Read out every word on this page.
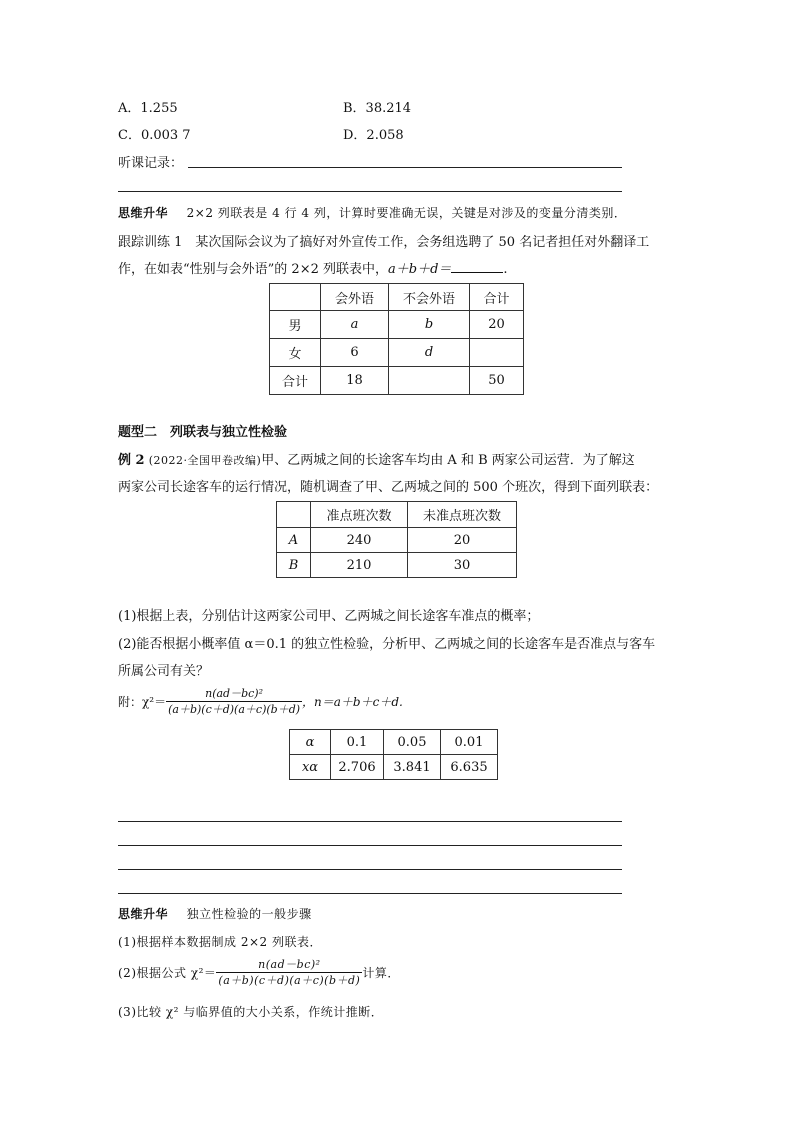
A．1.255	B．38.214
C．0.003 7	D．2.058
听课记录：
思维升华 2×2 列联表是 4 行 4 列，计算时要准确无误，关键是对涉及的变量分清类别．
跟踪训练 1　某次国际会议为了搞好对外宣传工作，会务组选聘了 50 名记者担任对外翻译工
作，在如表“性别与会外语”的 2×2 列联表中，a＋b＋d＝	.
	会外语	不会外语	合计
男	a	b	20
女	6	d	
合计	18		50
题型二　列联表与独立性检验
例 2 (2022·全国甲卷改编)甲、乙两城之间的长途客车均由 A 和 B 两家公司运营．为了解这
两家公司长途客车的运行情况，随机调查了甲、乙两城之间的 500 个班次，得到下面列联表：
	准点班次数	未准点班次数
A	240	20
B	210	30
(1)根据上表，分别估计这两家公司甲、乙两城之间长途客车准点的概率；
(2)能否根据小概率值 α＝0.1 的独立性检验，分析甲、乙两城之间的长途客车是否准点与客车
所属公司有关？
附：$\chi^2= \frac{\text{n(ad－bc)²}}{(a+b)(c+d)(a+c)(b+d)}$ ，n＝a＋b＋c＋d.
α	0.1	0.05	0.01
xα	2.706	3.841	6.635
思维升华 独立性检验的一般步骤
(1)根据样本数据制成 2×2 列联表．
(2)根据公式 $\chi^2= \frac{\text{n(ad－bc)²}}{(a+b)(c+d)(a+c)(b+d)}$ 计算．
(3)比较 χ² 与临界值的大小关系，作统计推断．
